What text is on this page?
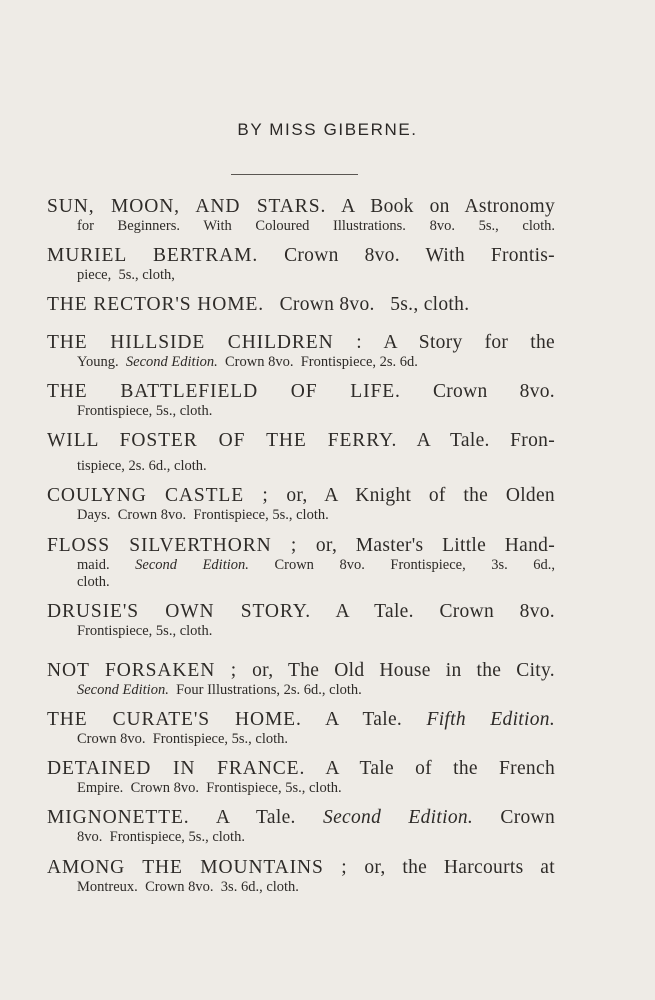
BY MISS GIBERNE.
SUN, MOON, AND STARS. A Book on Astronomy
for Beginners. With Coloured Illustrations. 8vo. 5s., cloth.
MURIEL BERTRAM. Crown 8vo. With Frontis-
piece, 5s., cloth,
THE RECTOR'S HOME. Crown 8vo. 5s., cloth.
THE HILLSIDE CHILDREN : A Story for the
Young. Second Edition. Crown 8vo. Frontispiece, 2s. 6d.
THE BATTLEFIELD OF LIFE. Crown 8vo.
Frontispiece, 5s., cloth.
WILL FOSTER OF THE FERRY. A Tale. Fron-
tispiece, 2s. 6d., cloth.
COULYNG CASTLE ; or, A Knight of the Olden
Days. Crown 8vo. Frontispiece, 5s., cloth.
FLOSS SILVERTHORN ; or, Master's Little Hand-
maid. Second Edition. Crown 8vo. Frontispiece, 3s. 6d.,
cloth.
DRUSIE'S OWN STORY. A Tale. Crown 8vo.
Frontispiece, 5s., cloth.
NOT FORSAKEN ; or, The Old House in the City.
Second Edition. Four Illustrations, 2s. 6d., cloth.
THE CURATE'S HOME. A Tale. Fifth Edition.
Crown 8vo. Frontispiece, 5s., cloth.
DETAINED IN FRANCE. A Tale of the French
Empire. Crown 8vo. Frontispiece, 5s., cloth.
MIGNONETTE. A Tale. Second Edition. Crown
8vo. Frontispiece, 5s., cloth.
AMONG THE MOUNTAINS ; or, the Harcourts at
Montreux. Crown 8vo. 3s. 6d., cloth.
